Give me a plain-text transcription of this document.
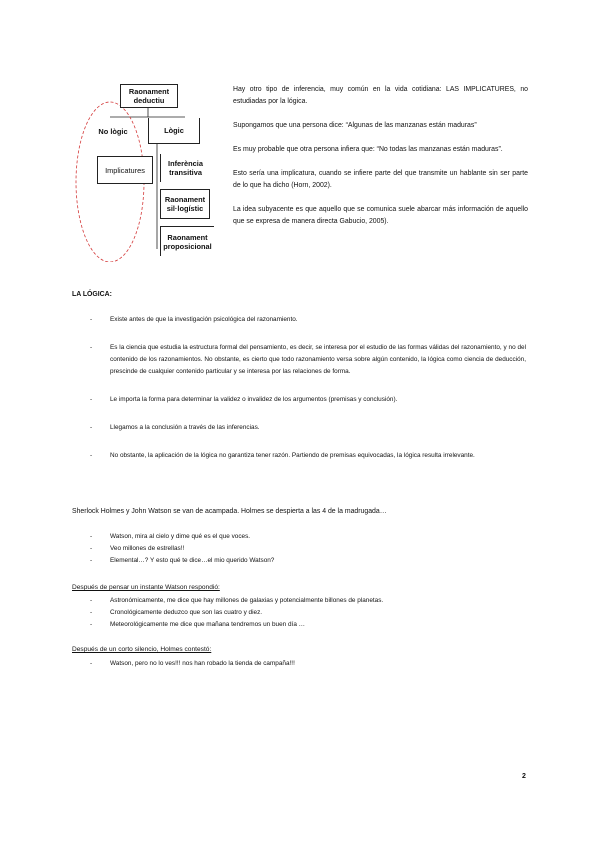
Raonament deductiu
No lògic	Lògic
Implicatures
Inferència transitiva
Raonament sil·logístic
Raonament proposicional

Hay otro tipo de inferencia, muy común en la vida cotidiana: LAS IMPLICATURES, no estudiadas por la lógica.

Supongamos que una persona dice: “Algunas de las manzanas están maduras”

Es muy probable que otra persona infiera que: “No todas las manzanas están maduras”.

Esto sería una implicatura, cuando se infiere parte del que transmite un hablante sin ser parte de lo que ha dicho (Horn, 2002).

La idea subyacente es que aquello que se comunica suele abarcar más información de aquello que se expresa de manera directa Gabucio, 2005).

LA LÓGICA:
-	Existe antes de que la investigación psicológica del razonamiento.
-	Es la ciencia que estudia la estructura formal del pensamiento, es decir, se interesa por el estudio de las formas válidas del razonamiento, y no del contenido de los razonamientos. No obstante, es cierto que todo razonamiento versa sobre algún contenido, la lógica como ciencia de deducción, prescinde de cualquier contenido particular y se interesa por las relaciones de forma.
-	Le importa la forma para determinar la validez o invalidez de los argumentos (premisas y conclusión).
-	Llegamos a la conclusión a través de las inferencias.
-	No obstante, la aplicación de la lógica no garantiza tener razón. Partiendo de premisas equivocadas, la lógica resulta irrelevante.
Sherlock Holmes y John Watson se van de acampada. Holmes se despierta a las 4 de la madrugada…
-	Watson, mira al cielo y dime qué es el que voces.
-	Veo millones de estrellas!!
-	Elemental…? Y esto qué te dice…el mio querido Watson?
Después de pensar un instante Watson respondió:
-	Astronómicamente, me dice que hay millones de galaxias y potencialmente billones de planetas.
-	Cronológicamente deduzco que son las cuatro y diez.
-	Meteorológicamente me dice que mañana tendremos un buen día …
Después de un corto silencio, Holmes contestó:
-	Watson, pero no lo ves!!! nos han robado la tienda de campaña!!!
2
